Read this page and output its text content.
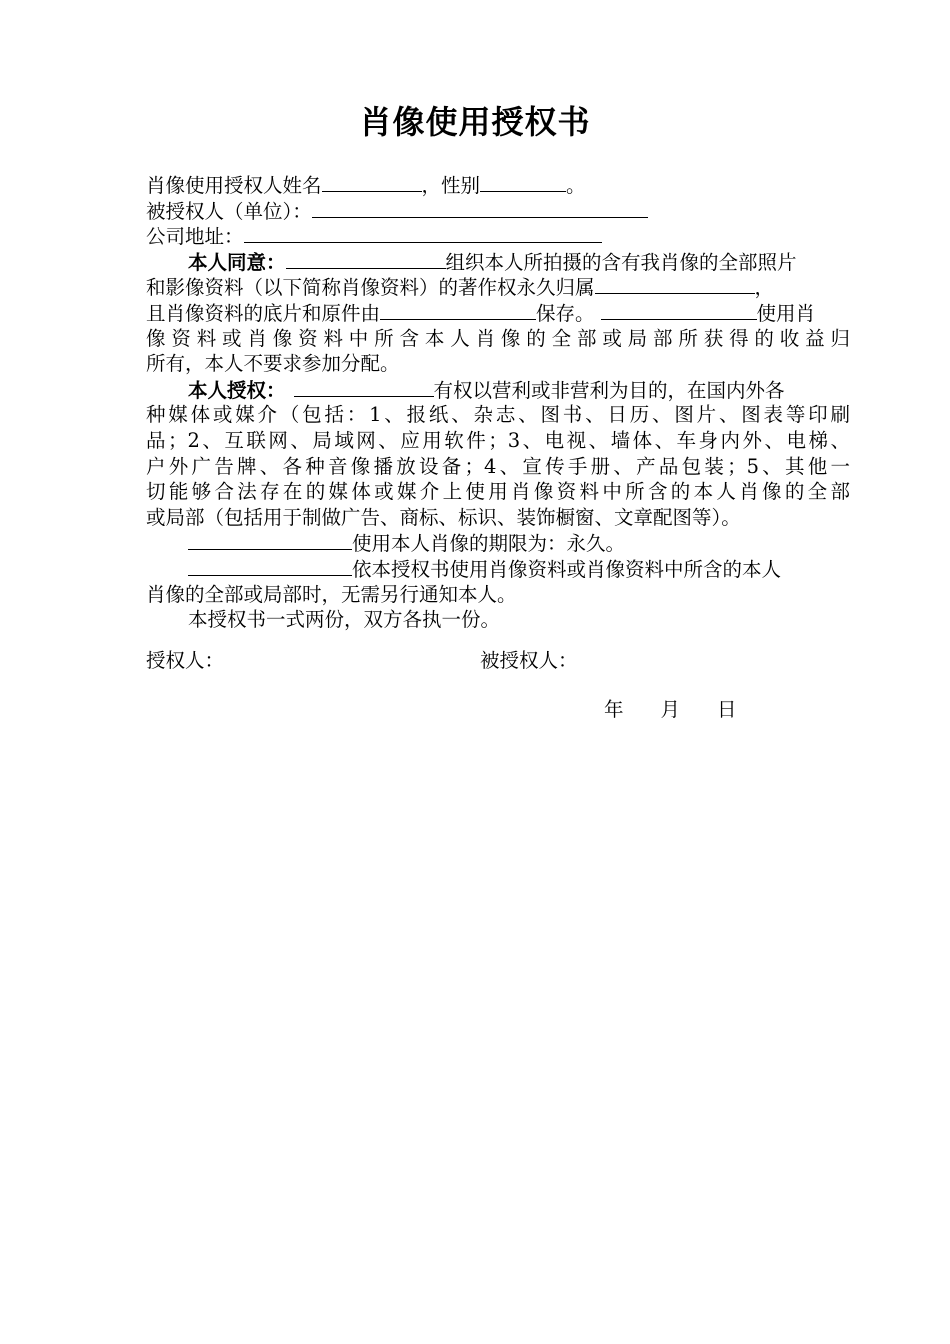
肖像使用授权书
肖像使用授权人姓名	，性别	。
被授权人（单位）：
公司地址：
本人同意：	组织本人所拍摄的含有我肖像的全部照片
和影像资料（以下简称肖像资料）的著作权永久归属	，
且肖像资料的底片和原件由	保存。	使用肖
像资料或肖像资料中所含本人肖像的全部或局部所获得的收益归
所有，本人不要求参加分配。
本人授权：	有权以营利或非营利为目的，在国内外各
种媒体或媒介（包括：1、报纸、杂志、图书、日历、图片、图表等印刷
品；2、互联网、局域网、应用软件；3、电视、墙体、车身内外、电梯、
户外广告牌、各种音像播放设备；4、宣传手册、产品包装；5、其他一
切能够合法存在的媒体或媒介上使用肖像资料中所含的本人肖像的全部
或局部（包括用于制做广告、商标、标识、装饰橱窗、文章配图等）。
使用本人肖像的期限为：永久。
依本授权书使用肖像资料或肖像资料中所含的本人
肖像的全部或局部时，无需另行通知本人。
本授权书一式两份，双方各执一份。
授权人：	被授权人：
年 月 日
